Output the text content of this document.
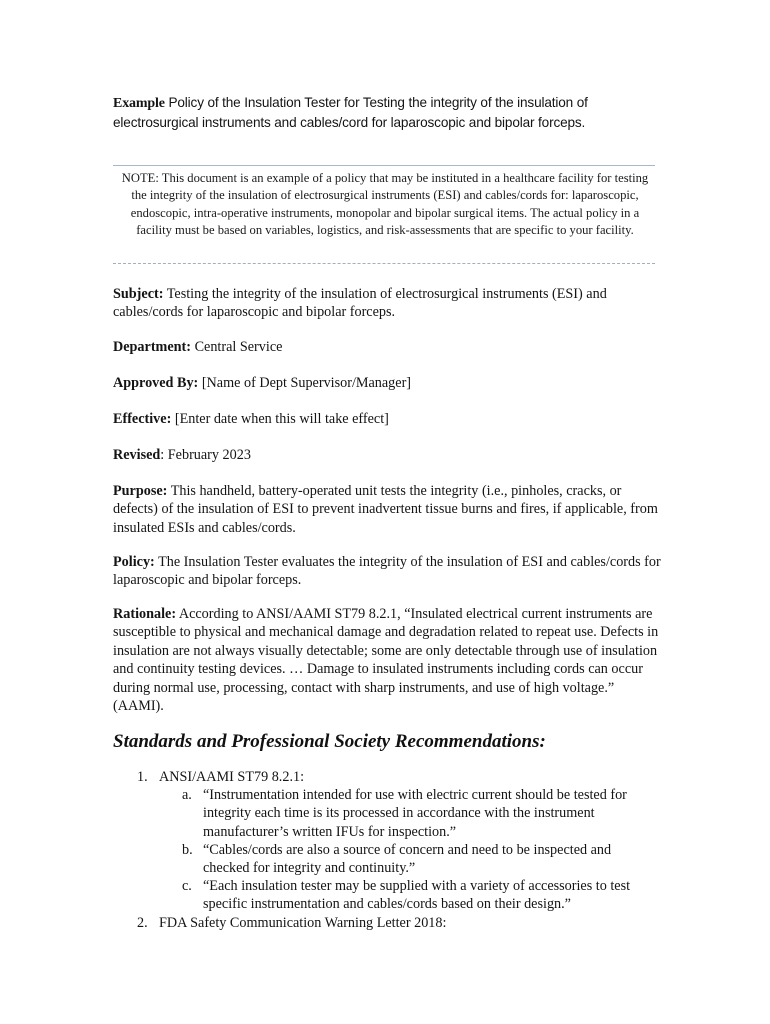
Example Policy of the Insulation Tester for Testing the integrity of the insulation of electrosurgical instruments and cables/cord for laparoscopic and bipolar forceps.
NOTE: This document is an example of a policy that may be instituted in a healthcare facility for testing the integrity of the insulation of electrosurgical instruments (ESI) and cables/cords for: laparoscopic, endoscopic, intra-operative instruments, monopolar and bipolar surgical items. The actual policy in a facility must be based on variables, logistics, and risk-assessments that are specific to your facility.
Subject: Testing the integrity of the insulation of electrosurgical instruments (ESI) and cables/cords for laparoscopic and bipolar forceps.
Department: Central Service
Approved By: [Name of Dept Supervisor/Manager]
Effective: [Enter date when this will take effect]
Revised: February 2023
Purpose: This handheld, battery-operated unit tests the integrity (i.e., pinholes, cracks, or defects) of the insulation of ESI to prevent inadvertent tissue burns and fires, if applicable, from insulated ESIs and cables/cords.
Policy: The Insulation Tester evaluates the integrity of the insulation of ESI and cables/cords for laparoscopic and bipolar forceps.
Rationale: According to ANSI/AAMI ST79 8.2.1, “Insulated electrical current instruments are susceptible to physical and mechanical damage and degradation related to repeat use. Defects in insulation are not always visually detectable; some are only detectable through use of insulation and continuity testing devices. … Damage to insulated instruments including cords can occur during normal use, processing, contact with sharp instruments, and use of high voltage.” (AAMI).
Standards and Professional Society Recommendations:
1. ANSI/AAMI ST79 8.2.1:
a. “Instrumentation intended for use with electric current should be tested for integrity each time is its processed in accordance with the instrument manufacturer’s written IFUs for inspection.”
b. “Cables/cords are also a source of concern and need to be inspected and checked for integrity and continuity.”
c. “Each insulation tester may be supplied with a variety of accessories to test specific instrumentation and cables/cords based on their design.”
2. FDA Safety Communication Warning Letter 2018:
